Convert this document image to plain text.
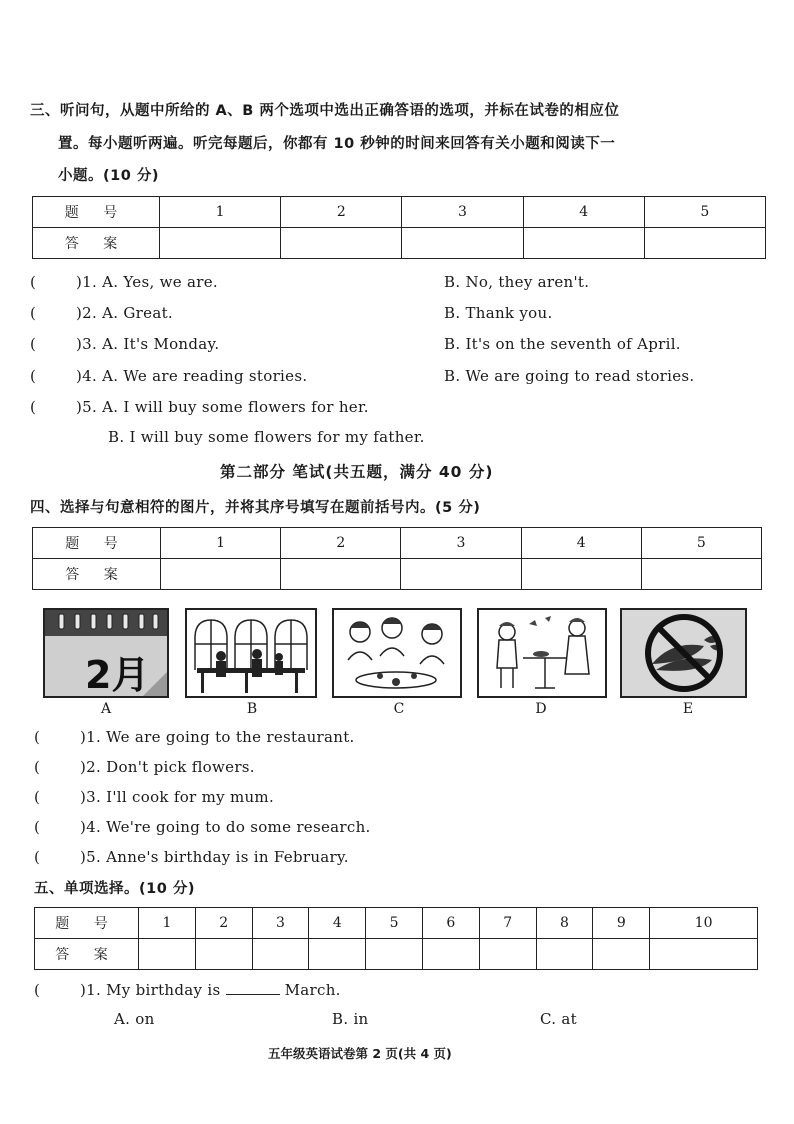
三、听问句，从题中所给的 A、B 两个选项中选出正确答语的选项，并标在试卷的相应位
置。每小题听两遍。听完每题后，你都有 10 秒钟的时间来回答有关小题和阅读下一
小题。(10 分)
题 号	1	2	3	4	5
答 案					
(	)1. A. Yes, we are.	B. No, they aren't.
(	)2. A. Great.	B. Thank you.
(	)3. A. It's Monday.	B. It's on the seventh of April.
(	)4. A. We are reading stories.	B. We are going to read stories.
(	)5. A. I will buy some flowers for her.
B. I will buy some flowers for my father.
第二部分 笔试(共五题，满分 40 分)
四、选择与句意相符的图片，并将其序号填写在题前括号内。(5 分)
题 号	1	2	3	4	5
答 案					
2月
A	B	C	D	E
(	)1. We are going to the restaurant.
(	)2. Don't pick flowers.
(	)3. I'll cook for my mum.
(	)4. We're going to do some research.
(	)5. Anne's birthday is in February.
五、单项选择。(10 分)
题 号	1	2	3	4	5	6	7	8	9	10
答 案										
(	)1. My birthday is	March.
A. on	B. in	C. at
五年级英语试卷第 2 页(共 4 页)
